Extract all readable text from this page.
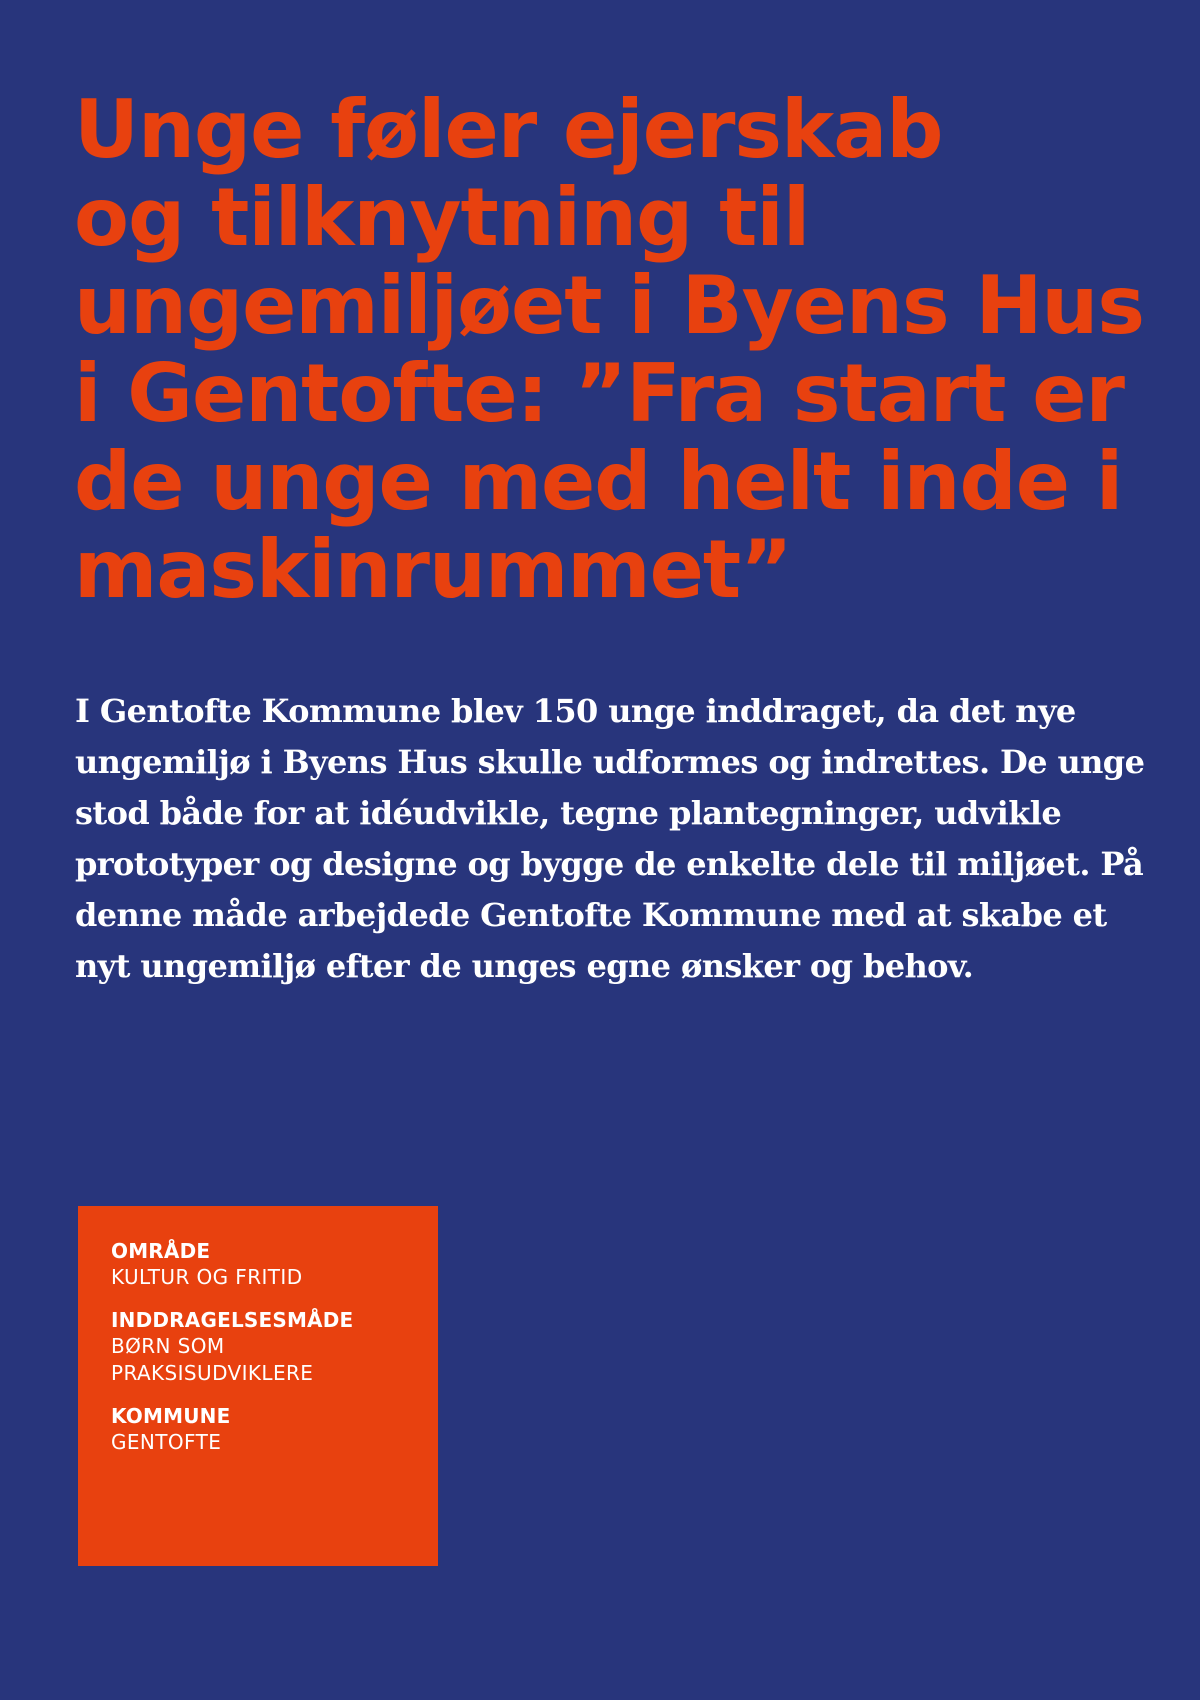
Unge føler ejerskab
og tilknytning til
ungemiljøet i Byens Hus
i Gentofte: ”Fra start er
de unge med helt inde i
maskinrummet”

I Gentofte Kommune blev 150 unge inddraget, da det nye
ungemiljø i Byens Hus skulle udformes og indrettes. De unge
stod både for at idéudvikle, tegne plantegninger, udvikle
prototyper og designe og bygge de enkelte dele til miljøet. På
denne måde arbejdede Gentofte Kommune med at skabe et
nyt ungemiljø efter de unges egne ønsker og behov.

OMRÅDE
KULTUR OG FRITID
INDDRAGELSESMÅDE
BØRN SOM
PRAKSISUDVIKLERE
KOMMUNE
GENTOFTE
